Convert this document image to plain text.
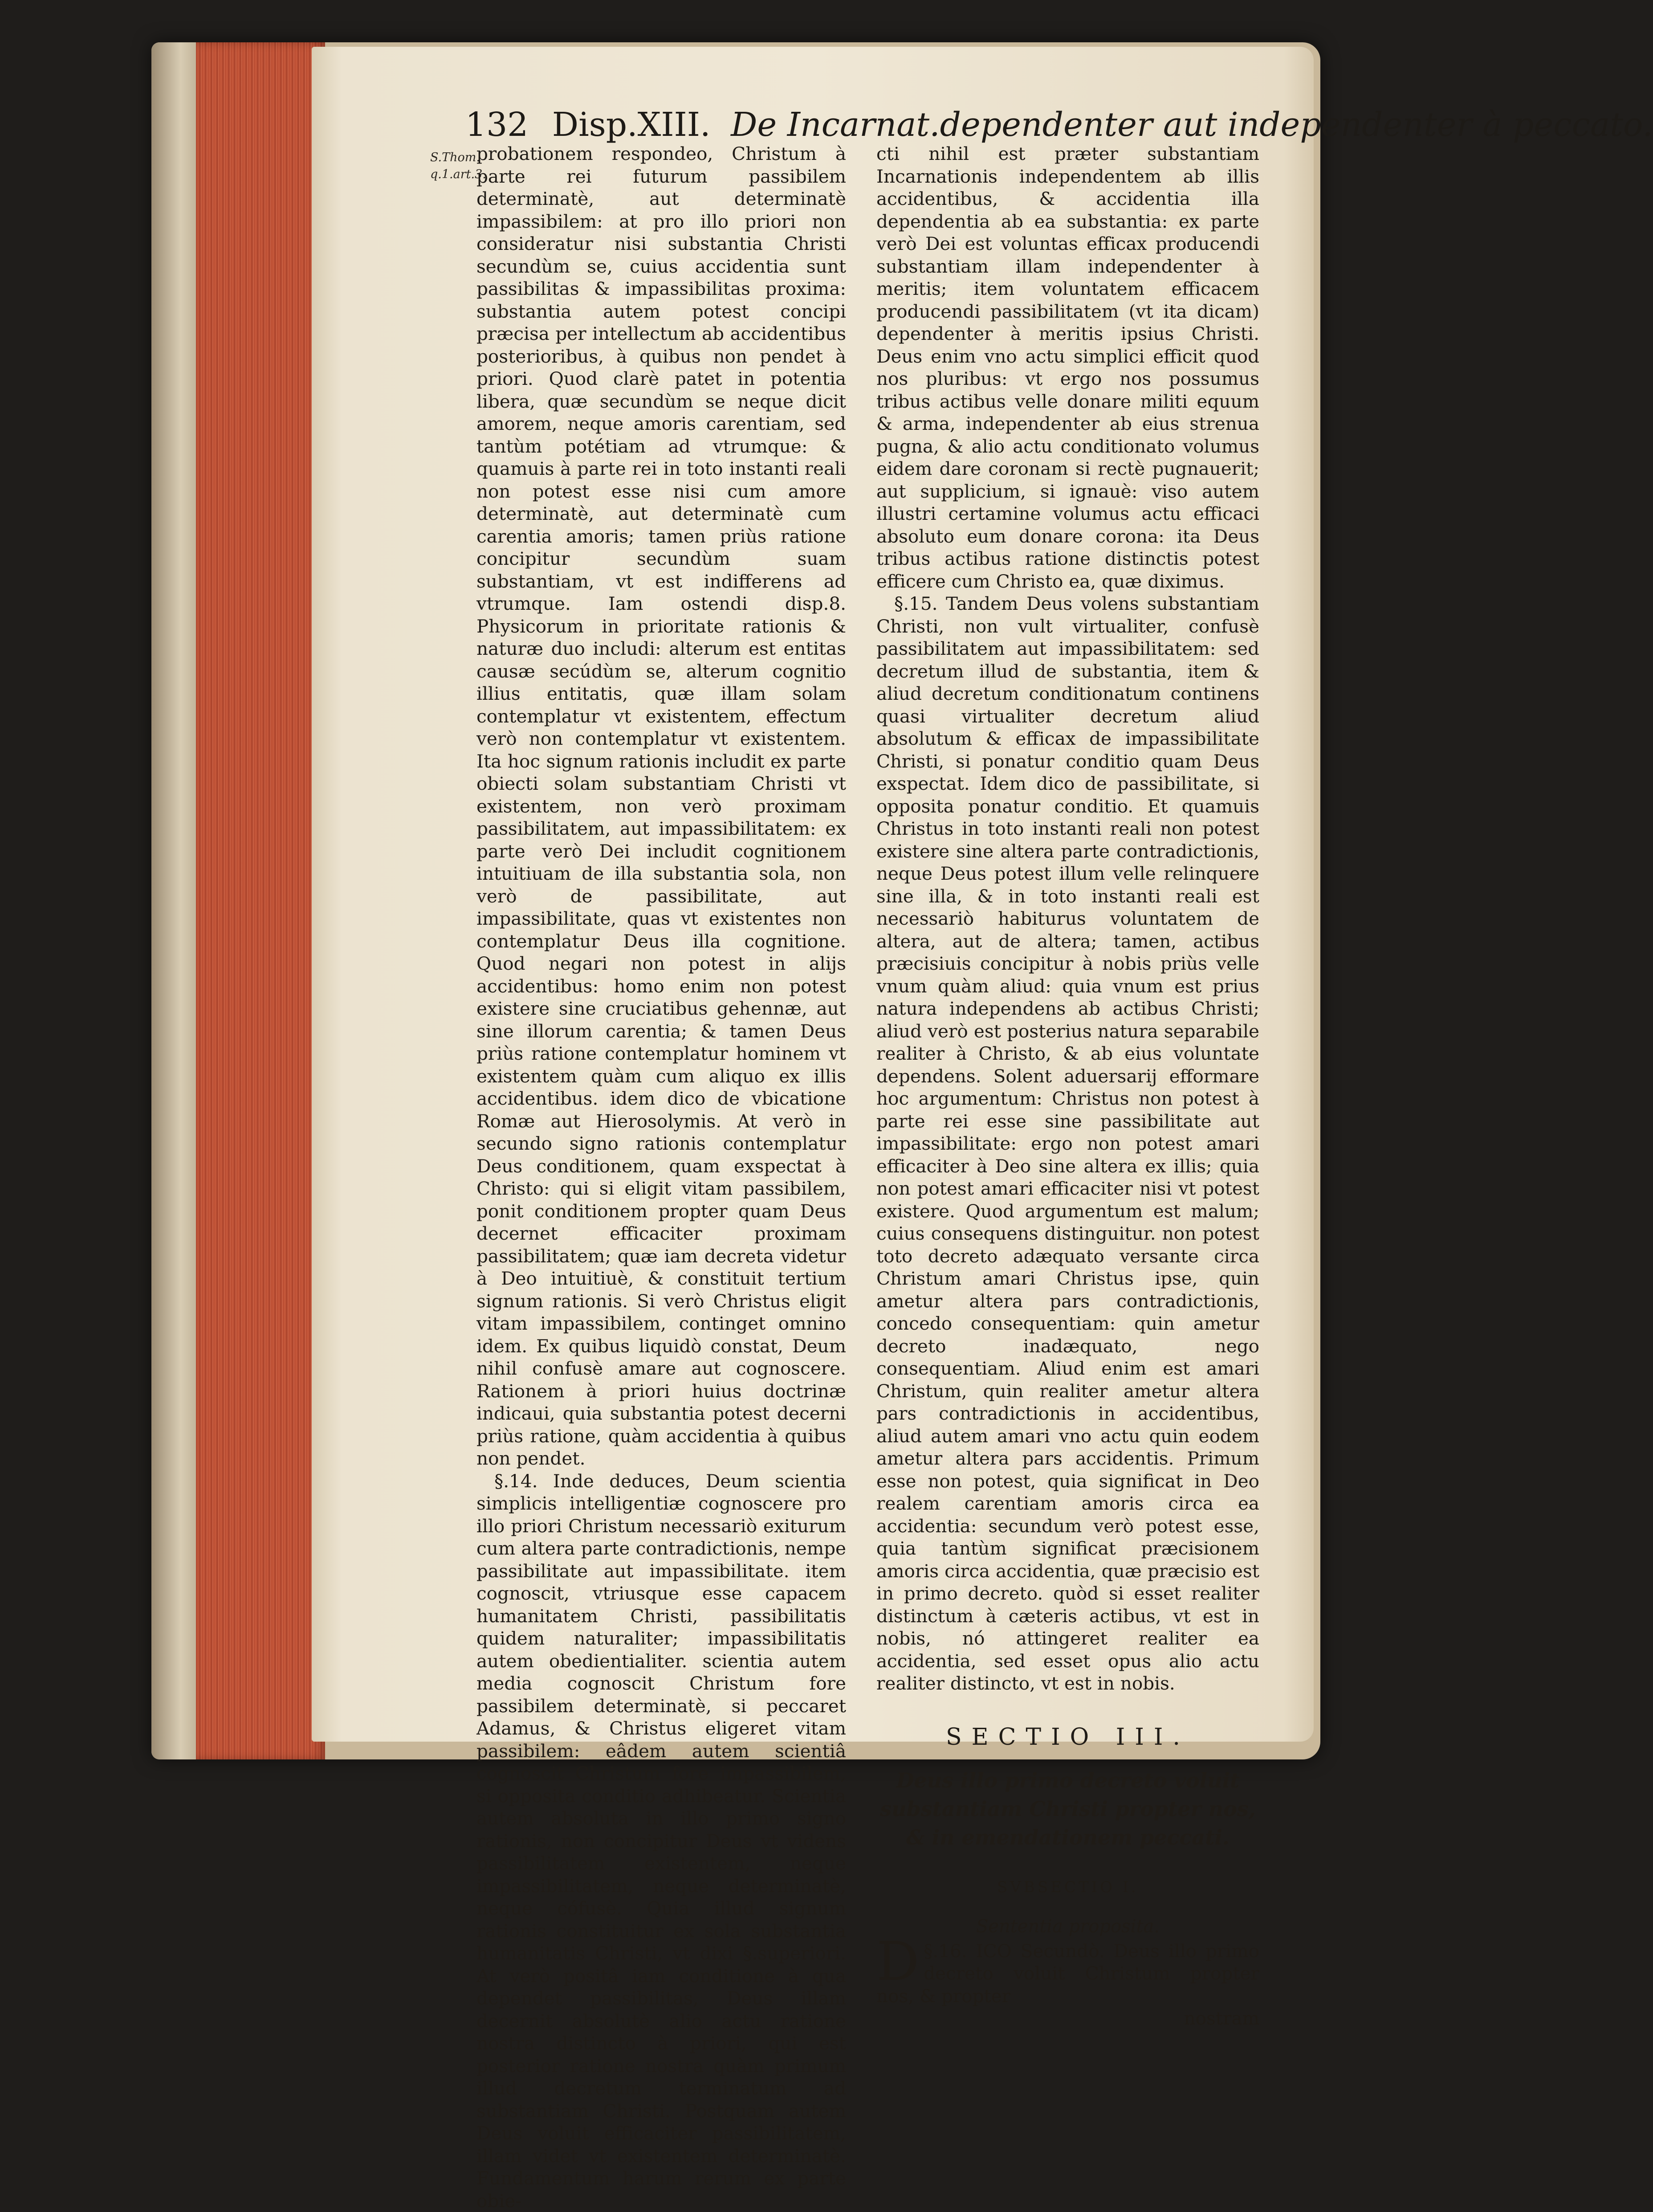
132 Disp.XIII. De Incarnat.dependenter aut independenter à peccato.
S.Thom. q.1.art.3.

probationem respondeo, Christum à parte rei futurum passibilem determinatè, aut determinatè impassibilem: at pro illo priori non consideratur nisi substantia Christi secundùm se, cuius accidentia sunt passibilitas & impassibilitas proxima: substantia autem potest concipi præcisa per intellectum ab accidentibus posterioribus, à quibus non pendet à priori. Quod clarè patet in potentia libera, quæ secundùm se neque dicit amorem, neque amoris carentiam, sed tantùm potétiam ad vtrumque: & quamuis à parte rei in toto instanti reali non potest esse nisi cum amore determinatè, aut determinatè cum carentia amoris; tamen priùs ratione concipitur secundùm suam substantiam, vt est indifferens ad vtrumque. Iam ostendi disp.8. Physicorum in prioritate rationis & naturæ duo includi: alterum est entitas causæ secúdùm se, alterum cognitio illius entitatis, quæ illam solam contemplatur vt existentem, effectum verò non contemplatur vt existentem. Ita hoc signum rationis includit ex parte obiecti solam substantiam Christi vt existentem, non verò proximam passibilitatem, aut impassibilitatem: ex parte verò Dei includit cognitionem intuitiuam de illa substantia sola, non verò de passibilitate, aut impassibilitate, quas vt existentes non contemplatur Deus illa cognitione. Quod negari non potest in alijs accidentibus: homo enim non potest existere sine cruciatibus gehennæ, aut sine illorum carentia; & tamen Deus priùs ratione contemplatur hominem vt existentem quàm cum aliquo ex illis accidentibus. idem dico de vbicatione Romæ aut Hierosolymis. At verò in secundo signo rationis contemplatur Deus conditionem, quam exspectat à Christo: qui si eligit vitam passibilem, ponit conditionem propter quam Deus decernet efficaciter proximam passibilitatem; quæ iam decreta videtur à Deo intuitiuè, & constituit tertium signum rationis. Si verò Christus eligit vitam impassibilem, continget omnino idem. Ex quibus liquidò constat, Deum nihil confusè amare aut cognoscere. Rationem à priori huius doctrinæ indicaui, quia substantia potest decerni priùs ratione, quàm accidentia à quibus non pendet.

§.14. Inde deduces, Deum scientia simplicis intelligentiæ cognoscere pro illo priori Christum necessariò exiturum cum altera parte contradictionis, nempe passibilitate aut impassibilitate. item cognoscit, vtriusque esse capacem humanitatem Christi, passibilitatis quidem naturaliter; impassibilitatis autem obedientialiter. scientia autem media cognoscit Christum fore passibilem determinatè, si peccaret Adamus, & Christus eligeret vitam passibilem: eâdem autem scientiâ cognoscit Christum fore impassibilem, si opposita conditio adhibeatur. Scientia autem absoluta in illo primo signo rationis, non concipitur Deus vt videns passibilitatem existentem, neque impassibilitatem, neque determinatè, neque cófusè. Quia illud signum rationis constituitur ex sola substantia humanitatis Christi, vt dixi §.superiori. At verò positâ iam conditione à qua dependet passibilitas, Deus illam decernit absolutè alio actu ratione nostra distincto à priori, qui est posterior ratione nostra quàm primum illud decretum terminatum ad substantiam Christi. Postquam autem Deus voluit efficaciter passibilitatem, illam videt vt existentem determinatè. Fundamentum harum rerum ex parte obie-

cti nihil est præter substantiam Incarnationis independentem ab illis accidentibus, & accidentia illa dependentia ab ea substantia: ex parte verò Dei est voluntas efficax producendi substantiam illam independenter à meritis; item voluntatem efficacem producendi passibilitatem (vt ita dicam) dependenter à meritis ipsius Christi. Deus enim vno actu simplici efficit quod nos pluribus: vt ergo nos possumus tribus actibus velle donare militi equum & arma, independenter ab eius strenua pugna, & alio actu conditionato volumus eidem dare coronam si rectè pugnauerit; aut supplicium, si ignauè: viso autem illustri certamine volumus actu efficaci absoluto eum donare corona: ita Deus tribus actibus ratione distinctis potest efficere cum Christo ea, quæ diximus.

§.15. Tandem Deus volens substantiam Christi, non vult virtualiter, confusè passibilitatem aut impassibilitatem: sed decretum illud de substantia, item & aliud decretum conditionatum continens quasi virtualiter decretum aliud absolutum & efficax de impassibilitate Christi, si ponatur conditio quam Deus exspectat. Idem dico de passibilitate, si opposita ponatur conditio. Et quamuis Christus in toto instanti reali non potest existere sine altera parte contradictionis, neque Deus potest illum velle relinquere sine illa, & in toto instanti reali est necessariò habiturus voluntatem de altera, aut de altera; tamen, actibus præcisiuis concipitur à nobis priùs velle vnum quàm aliud: quia vnum est prius natura independens ab actibus Christi; aliud verò est posterius natura separabile realiter à Christo, & ab eius voluntate dependens. Solent aduersarij efformare hoc argumentum: Christus non potest à parte rei esse sine passibilitate aut impassibilitate: ergo non potest amari efficaciter à Deo sine altera ex illis; quia non potest amari efficaciter nisi vt potest existere. Quod argumentum est malum; cuius consequens distinguitur. non potest toto decreto adæquato versante circa Christum amari Christus ipse, quin ametur altera pars contradictionis, concedo consequentiam: quin ametur decreto inadæquato, nego consequentiam. Aliud enim est amari Christum, quin realiter ametur altera pars contradictionis in accidentibus, aliud autem amari vno actu quin eodem ametur altera pars accidentis. Primum esse non potest, quia significat in Deo realem carentiam amoris circa ea accidentia: secundum verò potest esse, quia tantùm significat præcisionem amoris circa accidentia, quæ præcisio est in primo decreto. quòd si esset realiter distinctum à cæteris actibus, vt est in nobis, nó attingeret realiter ea accidentia, sed esset opus alio actu realiter distincto, vt est in nobis.

SECTIO III.
Deus illo primo decreto voluit substantiam Christi propter nos, & in emendationem peccati.
SVBSECTIO I.
Sententia proposita.

§.16.
D	ICO Secundò. Deus illo primo decreto voluit Christum propter nos, & propter

nostram
